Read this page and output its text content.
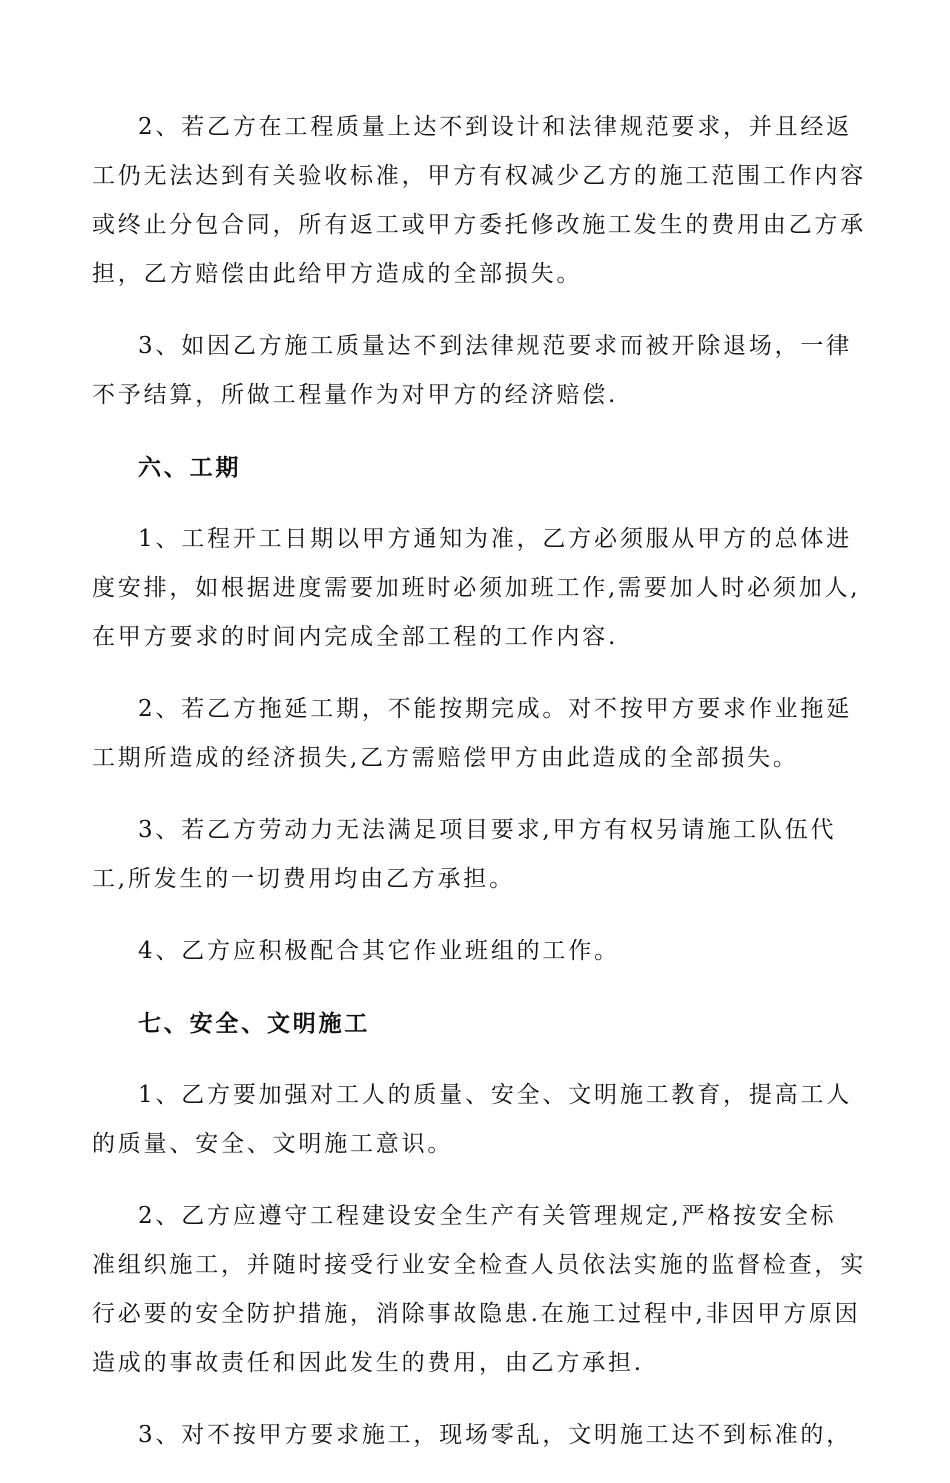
2、若乙方在工程质量上达不到设计和法律规范要求，并且经返
工仍无法达到有关验收标准，甲方有权减少乙方的施工范围工作内容
或终止分包合同，所有返工或甲方委托修改施工发生的费用由乙方承
担，乙方赔偿由此给甲方造成的全部损失。

3、如因乙方施工质量达不到法律规范要求而被开除退场，一律
不予结算，所做工程量作为对甲方的经济赔偿.

六、工期

1、工程开工日期以甲方通知为准，乙方必须服从甲方的总体进
度安排，如根据进度需要加班时必须加班工作,需要加人时必须加人,
在甲方要求的时间内完成全部工程的工作内容.

2、若乙方拖延工期，不能按期完成。对不按甲方要求作业拖延
工期所造成的经济损失,乙方需赔偿甲方由此造成的全部损失。

3、若乙方劳动力无法满足项目要求,甲方有权另请施工队伍代
工,所发生的一切费用均由乙方承担。

4、乙方应积极配合其它作业班组的工作。

七、安全、文明施工

1、乙方要加强对工人的质量、安全、文明施工教育，提高工人
的质量、安全、文明施工意识。

2、乙方应遵守工程建设安全生产有关管理规定,严格按安全标
准组织施工，并随时接受行业安全检查人员依法实施的监督检查，实
行必要的安全防护措施，消除事故隐患.在施工过程中,非因甲方原因
造成的事故责任和因此发生的费用，由乙方承担.

3、对不按甲方要求施工，现场零乱，文明施工达不到标准的，
